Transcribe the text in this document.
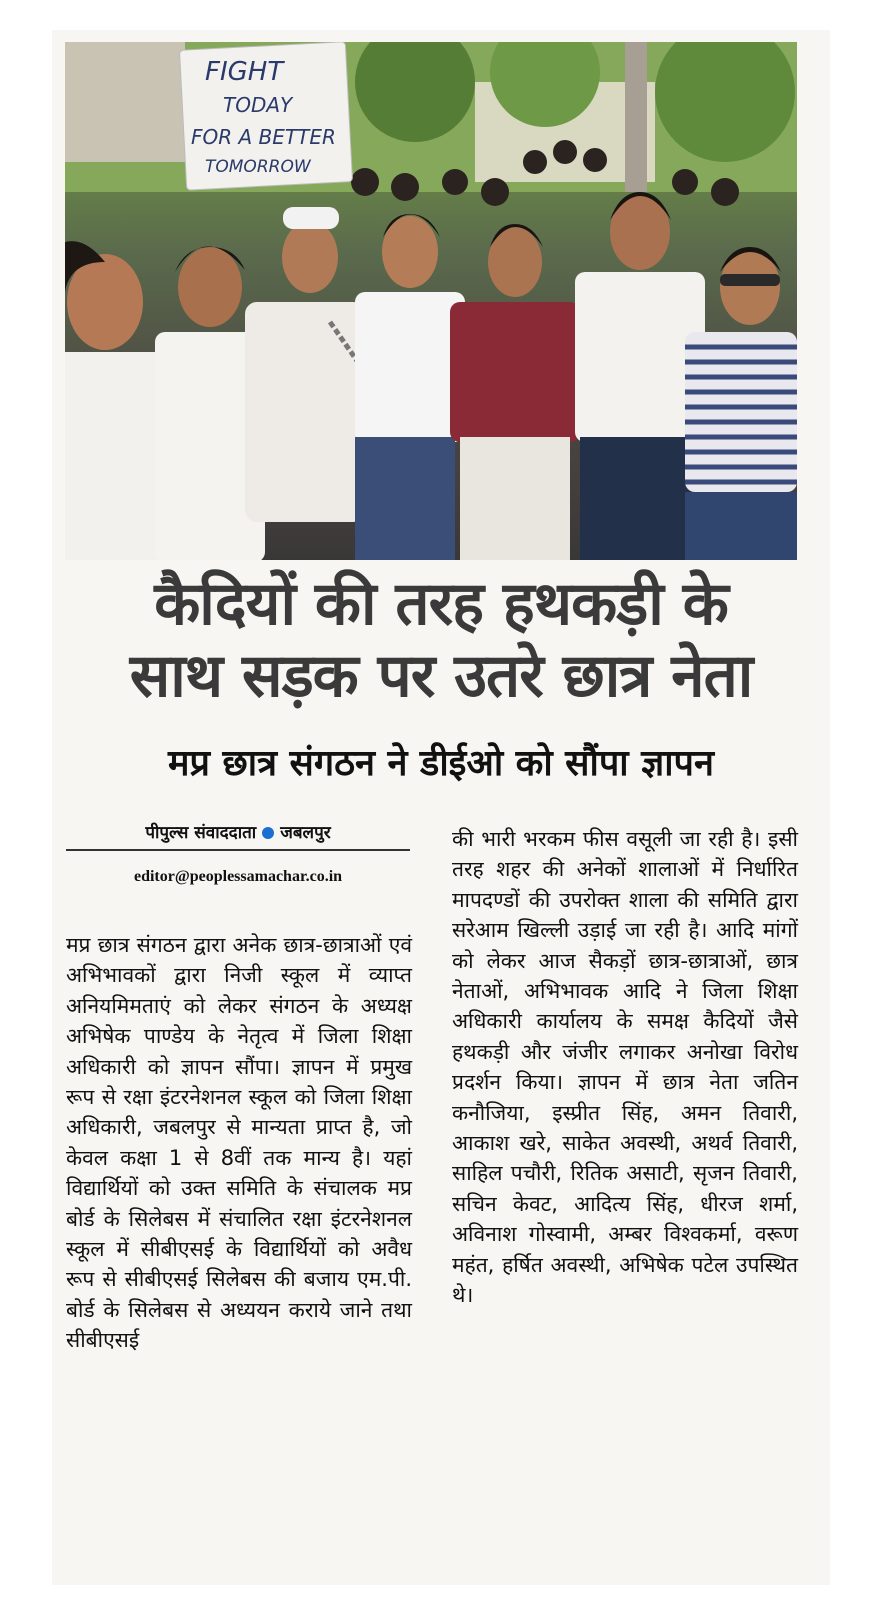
FIGHT
TODAY
FOR A BETTER
TOMORROW
कैदियों की तरह हथकड़ी के
साथ सड़क पर उतरे छात्र नेता
मप्र छात्र संगठन ने डीईओ को सौंपा ज्ञापन
पीपुल्स संवाददाता जबलपुर
editor@peoplessamachar.co.in

मप्र छात्र संगठन द्वारा अनेक छात्र-छात्राओं एवं अभिभावकों द्वारा निजी स्कूल में व्याप्त अनियमिमताएं को लेकर संगठन के अध्यक्ष अभिषेक पाण्डेय के नेतृत्व में जिला शिक्षा अधिकारी को ज्ञापन सौंपा। ज्ञापन में प्रमुख रूप से रक्षा इंटरनेशनल स्कूल को जिला शिक्षा अधिकारी, जबलपुर से मान्यता प्राप्त है, जो केवल कक्षा 1 से 8वीं तक मान्य है। यहां विद्यार्थियों को उक्त समिति के संचालक मप्र बोर्ड के सिलेबस में संचालित रक्षा इंटरनेशनल स्कूल में सीबीएसई के विद्यार्थियों को अवैध रूप से सीबीएसई सिलेबस की बजाय एम.पी. बोर्ड के सिलेबस से अध्ययन कराये जाने तथा सीबीएसई

की भारी भरकम फीस वसूली जा रही है। इसी तरह शहर की अनेकों शालाओं में निर्धारित मापदण्डों की उपरोक्त शाला की समिति द्वारा सरेआम खिल्ली उड़ाई जा रही है। आदि मांगों को लेकर आज सैकड़ों छात्र-छात्राओं, छात्र नेताओं, अभिभावक आदि ने जिला शिक्षा अधिकारी कार्यालय के समक्ष कैदियों जैसे हथकड़ी और जंजीर लगाकर अनोखा विरोध प्रदर्शन किया। ज्ञापन में छात्र नेता जतिन कनौजिया, इस्प्रीत सिंह, अमन तिवारी, आकाश खरे, साकेत अवस्थी, अथर्व तिवारी, साहिल पचौरी, रितिक असाटी, सृजन तिवारी, सचिन केवट, आदित्य सिंह, धीरज शर्मा, अविनाश गोस्वामी, अम्बर विश्वकर्मा, वरूण महंत, हर्षित अवस्थी, अभिषेक पटेल उपस्थित थे।
